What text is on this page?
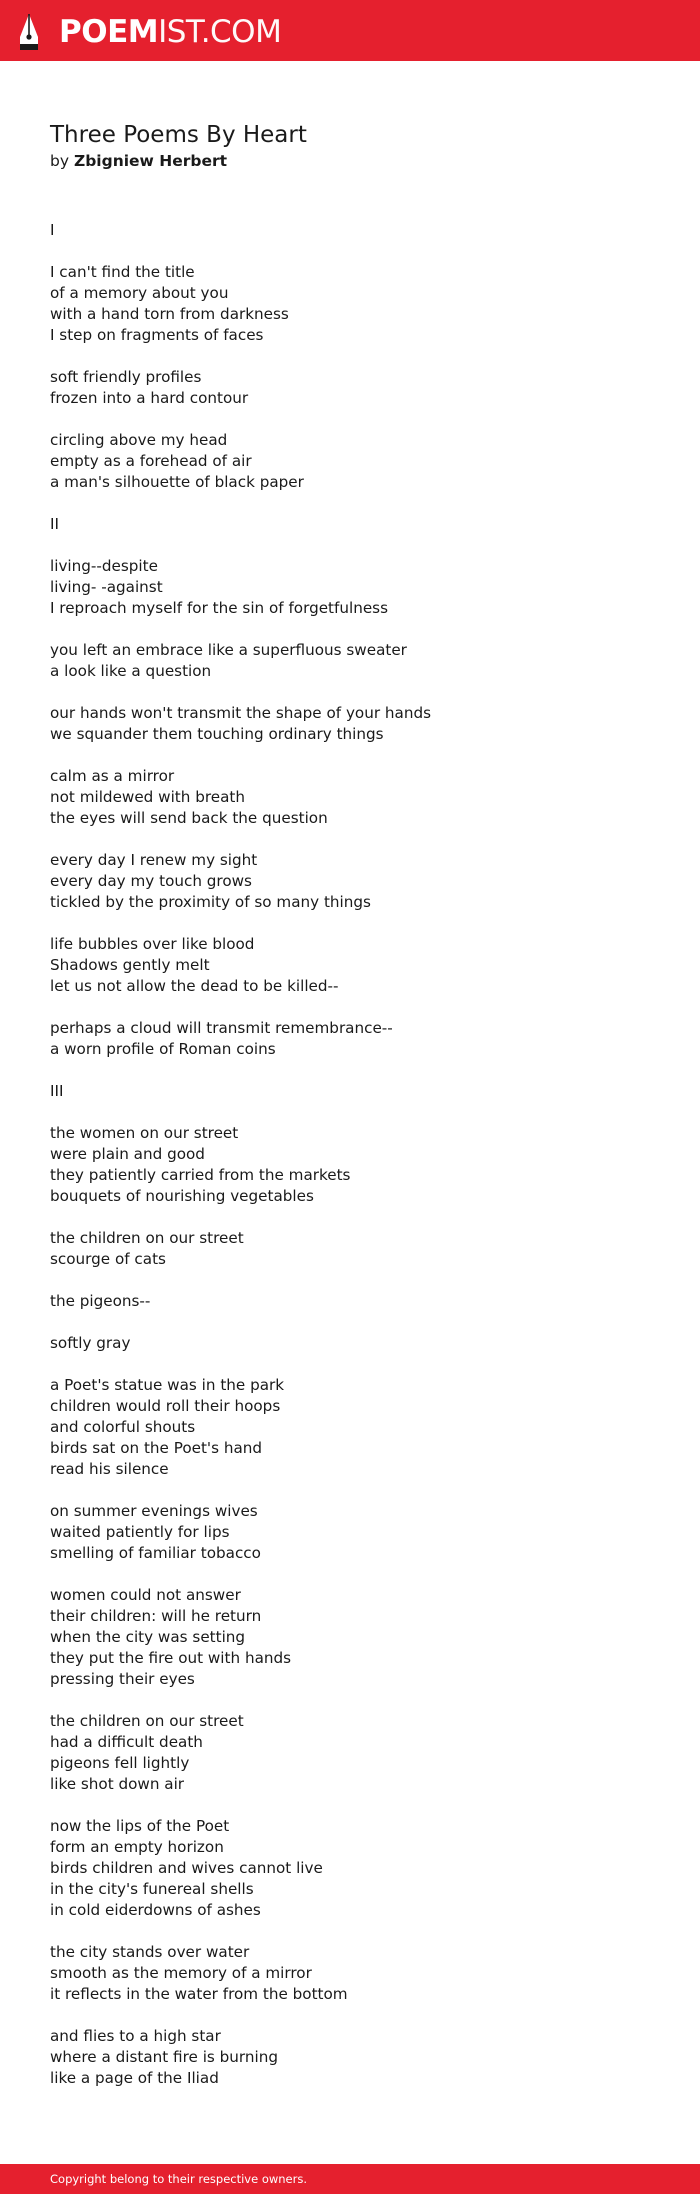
POEMIST.COM
Three Poems By Heart
by Zbigniew Herbert
I
I can't find the title
of a memory about you
with a hand torn from darkness
I step on fragments of faces
soft friendly profiles
frozen into a hard contour
circling above my head
empty as a forehead of air
a man's silhouette of black paper
II
living--despite
living- -against
I reproach myself for the sin of forgetfulness
you left an embrace like a superfluous sweater
a look like a question
our hands won't transmit the shape of your hands
we squander them touching ordinary things
calm as a mirror
not mildewed with breath
the eyes will send back the question
every day I renew my sight
every day my touch grows
tickled by the proximity of so many things
life bubbles over like blood
Shadows gently melt
let us not allow the dead to be killed--
perhaps a cloud will transmit remembrance--
a worn profile of Roman coins
III
the women on our street
were plain and good
they patiently carried from the markets
bouquets of nourishing vegetables
the children on our street
scourge of cats
the pigeons--
softly gray
a Poet's statue was in the park
children would roll their hoops
and colorful shouts
birds sat on the Poet's hand
read his silence
on summer evenings wives
waited patiently for lips
smelling of familiar tobacco
women could not answer
their children: will he return
when the city was setting
they put the fire out with hands
pressing their eyes
the children on our street
had a difficult death
pigeons fell lightly
like shot down air
now the lips of the Poet
form an empty horizon
birds children and wives cannot live
in the city's funereal shells
in cold eiderdowns of ashes
the city stands over water
smooth as the memory of a mirror
it reflects in the water from the bottom
and flies to a high star
where a distant fire is burning
like a page of the Iliad
Copyright belong to their respective owners.
